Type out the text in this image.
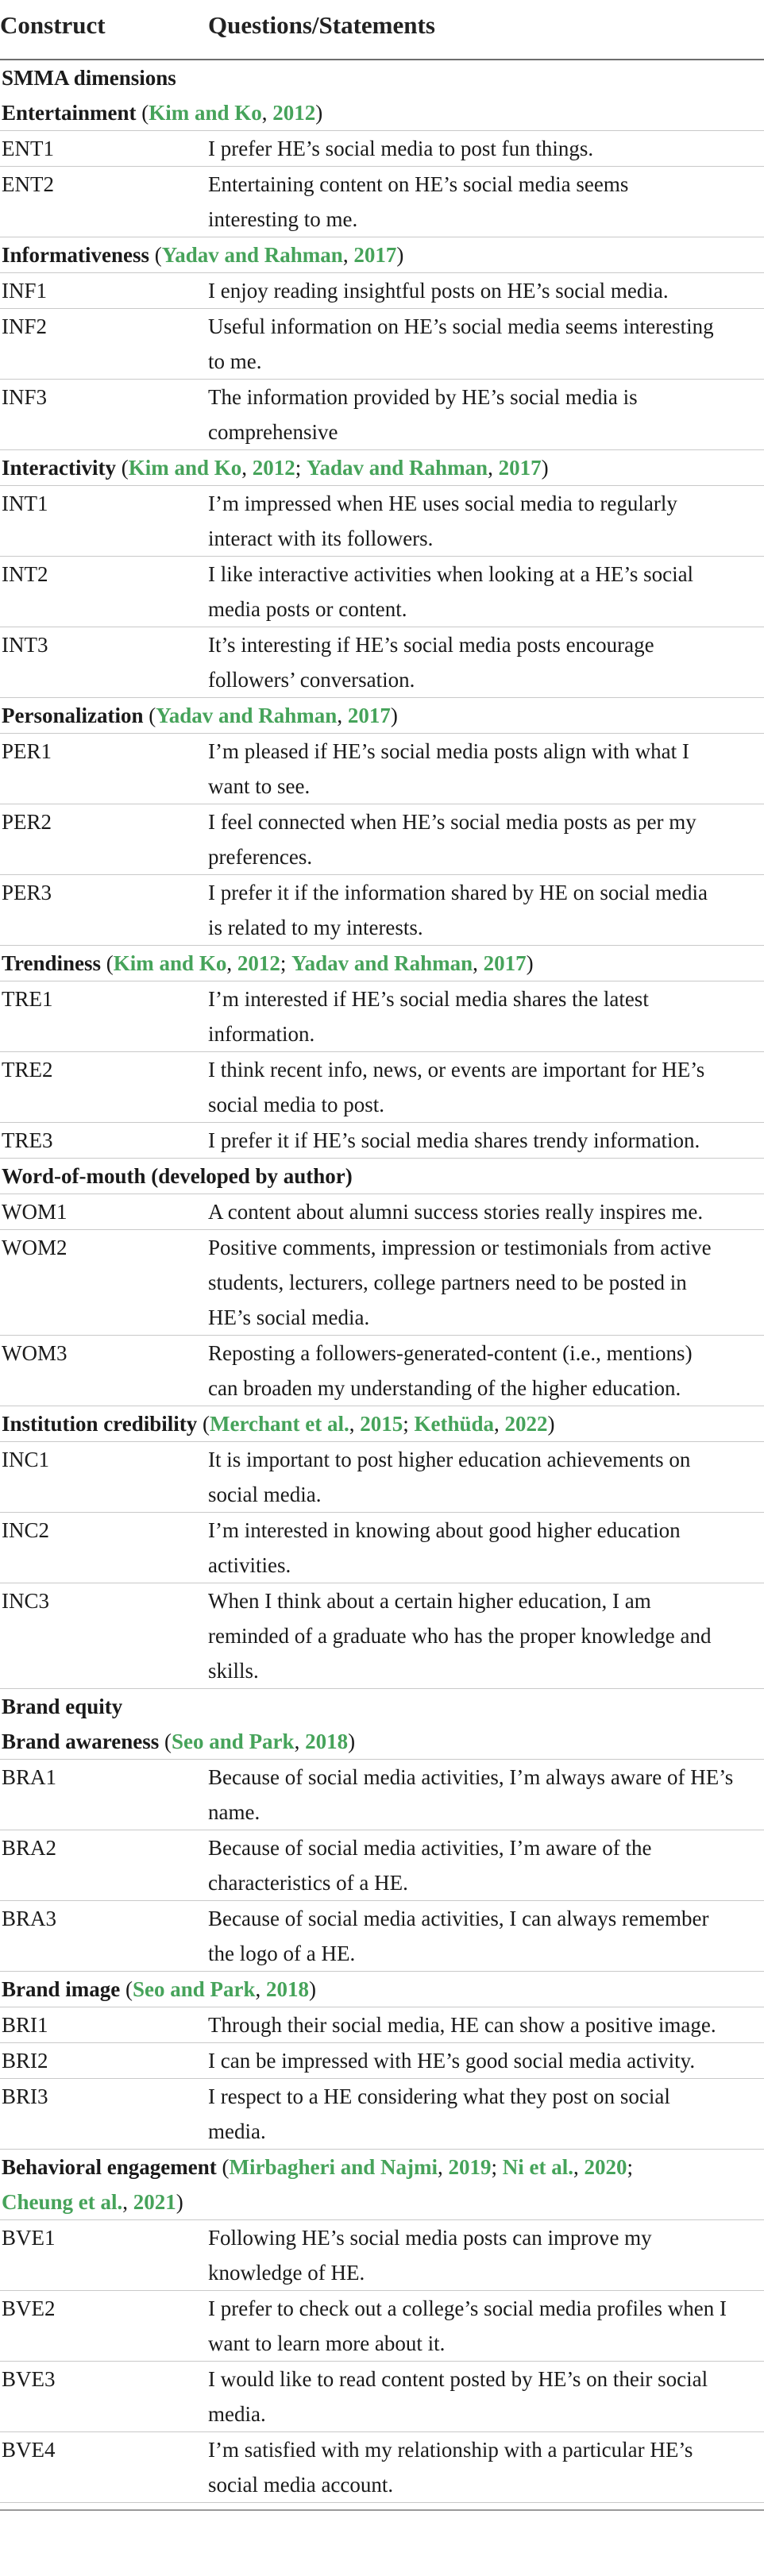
Construct	Questions/Statements
SMMA dimensions
Entertainment (Kim and Ko, 2012)
ENT1	I prefer HE’s social media to post fun things.
ENT2	Entertaining content on HE’s social media seems
interesting to me.
Informativeness (Yadav and Rahman, 2017)
INF1	I enjoy reading insightful posts on HE’s social media.
INF2	Useful information on HE’s social media seems interesting
to me.
INF3	The information provided by HE’s social media is
comprehensive
Interactivity (Kim and Ko, 2012; Yadav and Rahman, 2017)
INT1	I’m impressed when HE uses social media to regularly
interact with its followers.
INT2	I like interactive activities when looking at a HE’s social
media posts or content.
INT3	It’s interesting if HE’s social media posts encourage
followers’ conversation.
Personalization (Yadav and Rahman, 2017)
PER1	I’m pleased if HE’s social media posts align with what I
want to see.
PER2	I feel connected when HE’s social media posts as per my
preferences.
PER3	I prefer it if the information shared by HE on social media
is related to my interests.
Trendiness (Kim and Ko, 2012; Yadav and Rahman, 2017)
TRE1	I’m interested if HE’s social media shares the latest
information.
TRE2	I think recent info, news, or events are important for HE’s
social media to post.
TRE3	I prefer it if HE’s social media shares trendy information.
Word-of-mouth (developed by author)
WOM1	A content about alumni success stories really inspires me.
WOM2	Positive comments, impression or testimonials from active
students, lecturers, college partners need to be posted in
HE’s social media.
WOM3	Reposting a followers-generated-content (i.e., mentions)
can broaden my understanding of the higher education.
Institution credibility (Merchant et al., 2015; Kethüda, 2022)
INC1	It is important to post higher education achievements on
social media.
INC2	I’m interested in knowing about good higher education
activities.
INC3	When I think about a certain higher education, I am
reminded of a graduate who has the proper knowledge and
skills.
Brand equity
Brand awareness (Seo and Park, 2018)
BRA1	Because of social media activities, I’m always aware of HE’s
name.
BRA2	Because of social media activities, I’m aware of the
characteristics of a HE.
BRA3	Because of social media activities, I can always remember
the logo of a HE.
Brand image (Seo and Park, 2018)
BRI1	Through their social media, HE can show a positive image.
BRI2	I can be impressed with HE’s good social media activity.
BRI3	I respect to a HE considering what they post on social
media.
Behavioral engagement (Mirbagheri and Najmi, 2019; Ni et al., 2020;
Cheung et al., 2021)
BVE1	Following HE’s social media posts can improve my
knowledge of HE.
BVE2	I prefer to check out a college’s social media profiles when I
want to learn more about it.
BVE3	I would like to read content posted by HE’s on their social
media.
BVE4	I’m satisfied with my relationship with a particular HE’s
social media account.
